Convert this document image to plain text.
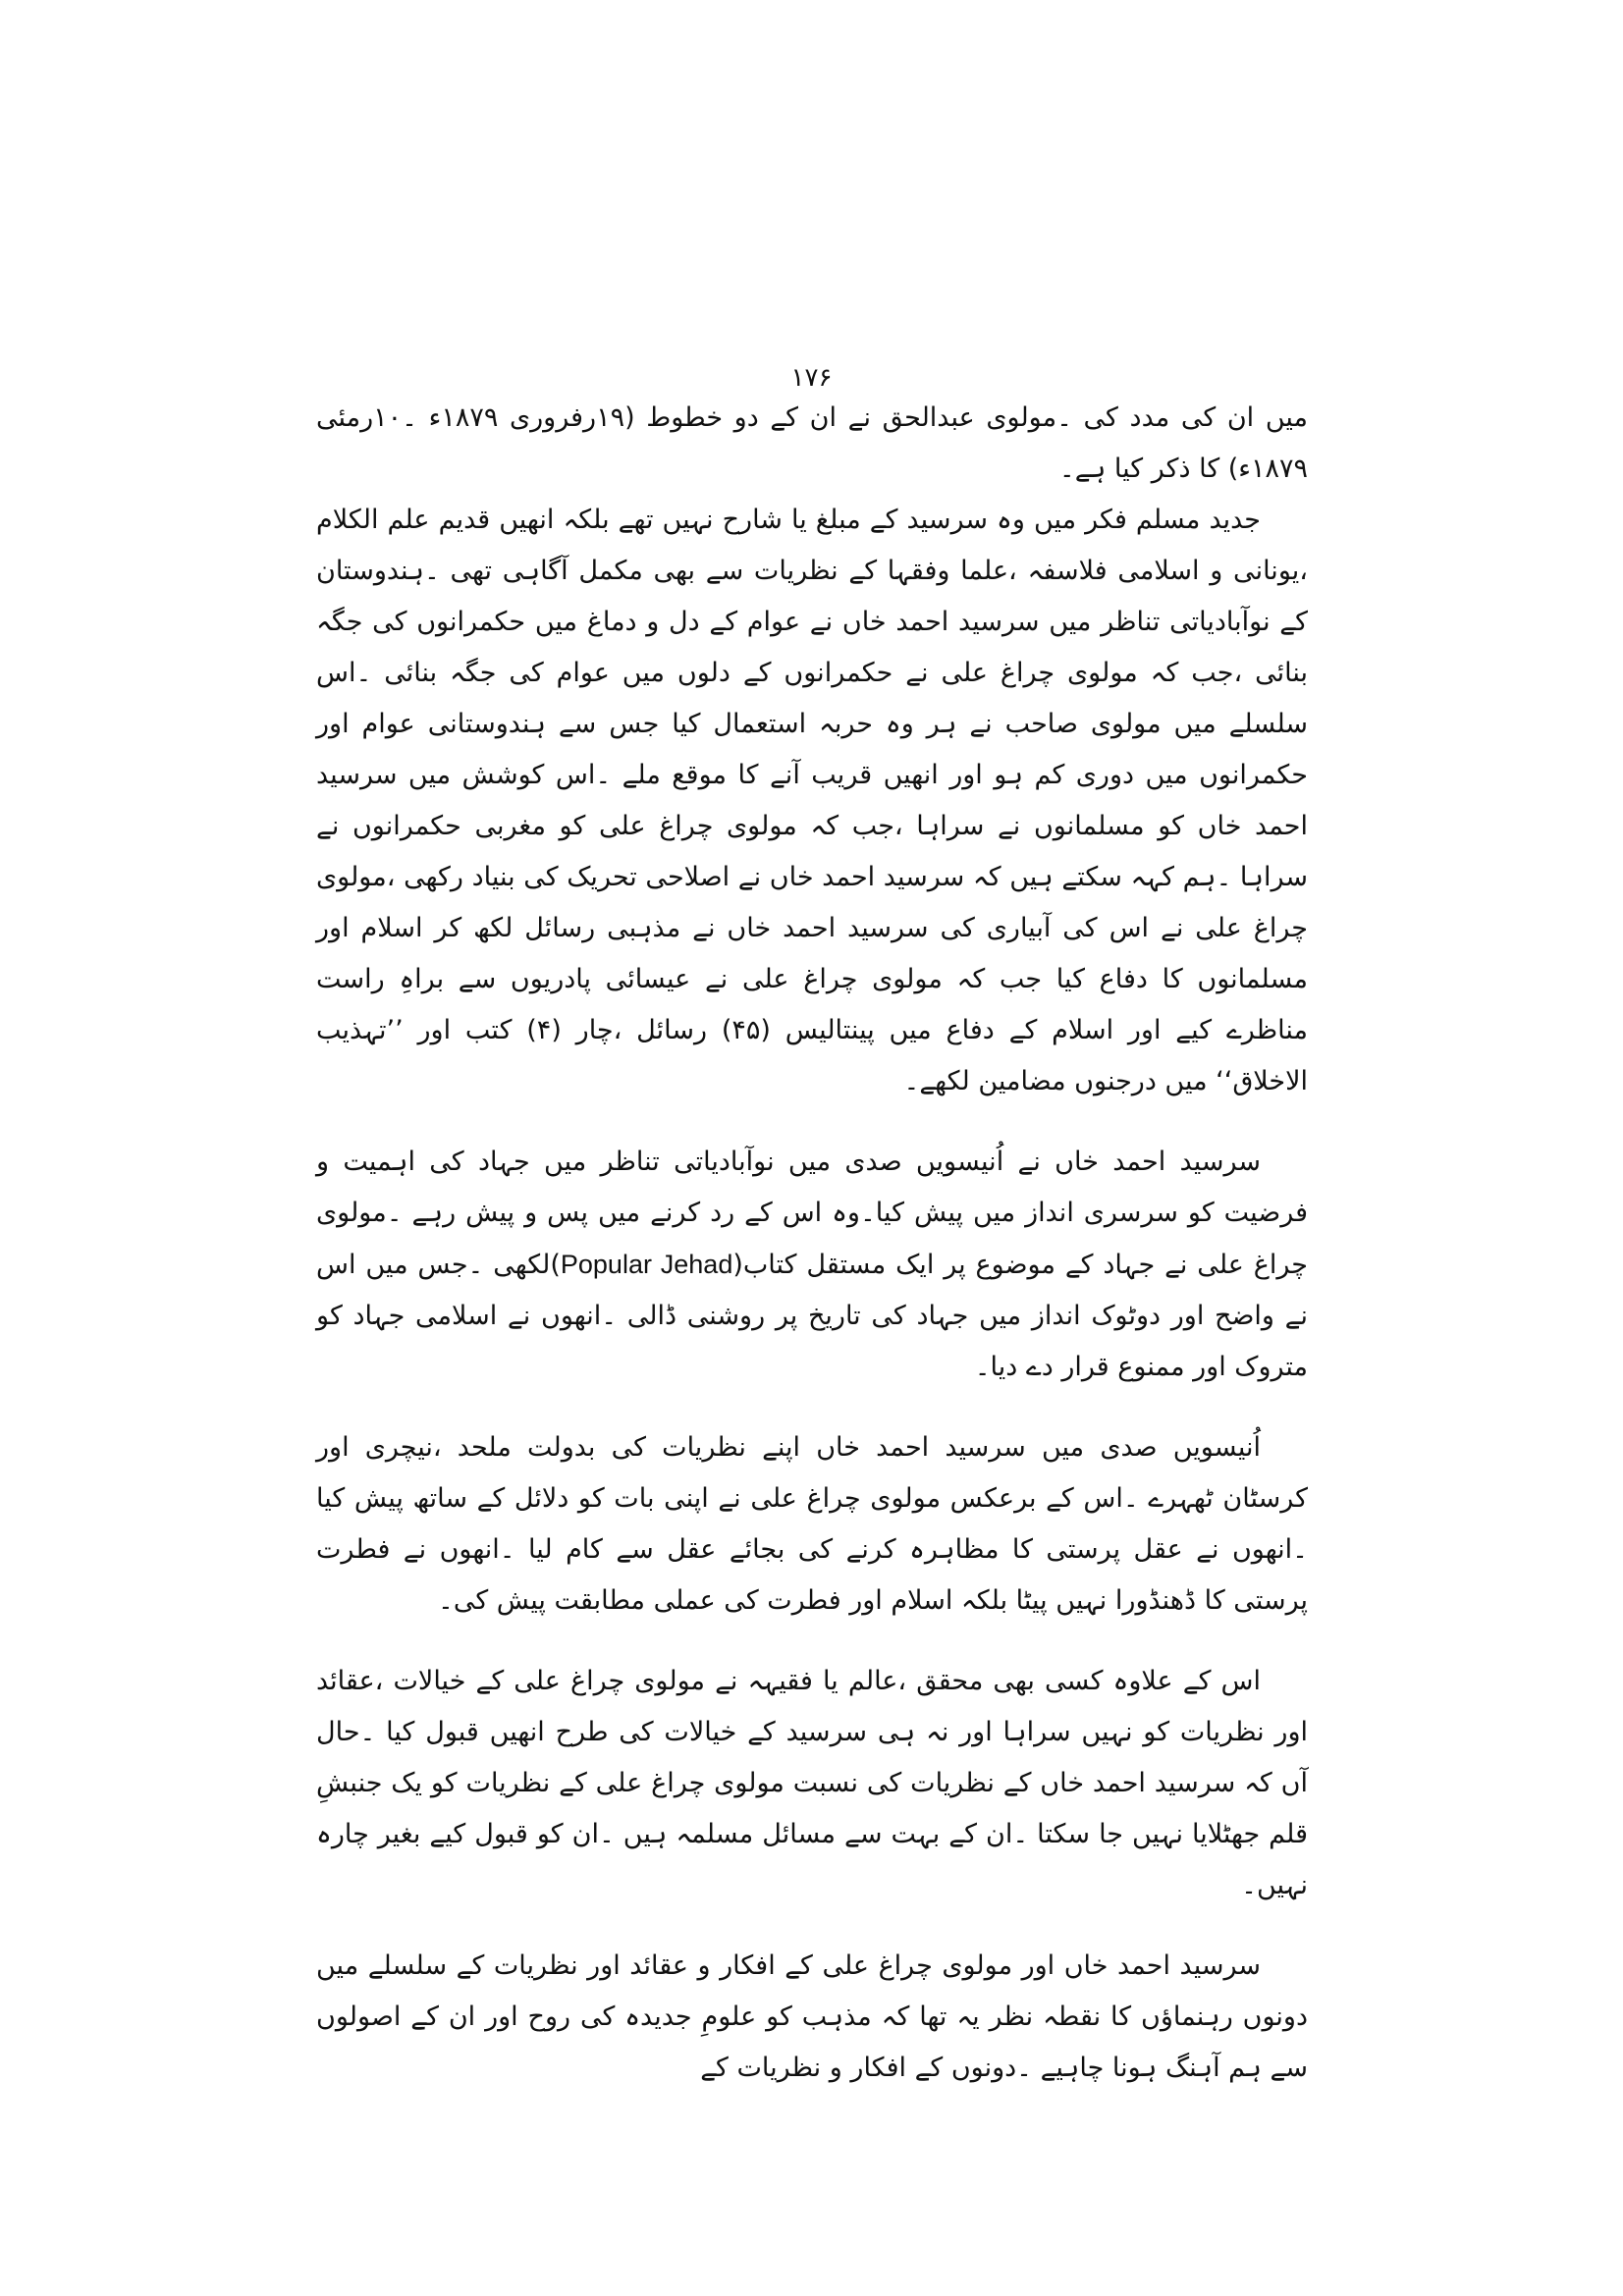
۱۷۶

میں ان کی مدد کی ۔مولوی عبدالحق نے ان کے دو خطوط (۱۹رفروری ۱۸۷۹ء ۔۱۰رمئی ۱۸۷۹ء) کا ذکر کیا ہے۔

جدید مسلم فکر میں وہ سرسید کے مبلغ یا شارح نہیں تھے بلکہ انھیں قدیم علم الکلام ،یونانی و اسلامی فلاسفہ ،علما وفقہا کے نظریات سے بھی مکمل آگاہی تھی ۔ہندوستان کے نوآبادیاتی تناظر میں سرسید احمد خاں نے عوام کے دل و دماغ میں حکمرانوں کی جگہ بنائی ،جب کہ مولوی چراغ علی نے حکمرانوں کے دلوں میں عوام کی جگہ بنائی ۔اس سلسلے میں مولوی صاحب نے ہر وہ حربہ استعمال کیا جس سے ہندوستانی عوام اور حکمرانوں میں دوری کم ہو اور انھیں قریب آنے کا موقع ملے ۔اس کوشش میں سرسید احمد خاں کو مسلمانوں نے سراہا ،جب کہ مولوی چراغ علی کو مغربی حکمرانوں نے سراہا ۔ہم کہہ سکتے ہیں کہ سرسید احمد خاں نے اصلاحی تحریک کی بنیاد رکھی ،مولوی چراغ علی نے اس کی آبیاری کی سرسید احمد خاں نے مذہبی رسائل لکھ کر اسلام اور مسلمانوں کا دفاع کیا جب کہ مولوی چراغ علی نے عیسائی پادریوں سے براہِ راست مناظرے کیے اور اسلام کے دفاع میں پینتالیس (۴۵) رسائل ،چار (۴) کتب اور ’’تہذیب الاخلاق‘‘ میں درجنوں مضامین لکھے۔

سرسید احمد خاں نے اُنیسویں صدی میں نوآبادیاتی تناظر میں جہاد کی اہمیت و فرضیت کو سرسری انداز میں پیش کیا۔وہ اس کے رد کرنے میں پس و پیش رہے ۔مولوی چراغ علی نے جہاد کے موضوع پر ایک مستقل کتاب(Popular Jehad)لکھی ۔جس میں اس نے واضح اور دوٹوک انداز میں جہاد کی تاریخ پر روشنی ڈالی ۔انھوں نے اسلامی جہاد کو متروک اور ممنوع قرار دے دیا۔

اُنیسویں صدی میں سرسید احمد خاں اپنے نظریات کی بدولت ملحد ،نیچری اور کرسٹان ٹھہرے ۔اس کے برعکس مولوی چراغ علی نے اپنی بات کو دلائل کے ساتھ پیش کیا ۔انھوں نے عقل پرستی کا مظاہرہ کرنے کی بجائے عقل سے کام لیا ۔انھوں نے فطرت پرستی کا ڈھنڈورا نہیں پیٹا بلکہ اسلام اور فطرت کی عملی مطابقت پیش کی۔

اس کے علاوہ کسی بھی محقق ،عالم یا فقیہہ نے مولوی چراغ علی کے خیالات ،عقائد اور نظریات کو نہیں سراہا اور نہ ہی سرسید کے خیالات کی طرح انھیں قبول کیا ۔حال آں کہ سرسید احمد خاں کے نظریات کی نسبت مولوی چراغ علی کے نظریات کو یک جنبشِ قلم جھٹلایا نہیں جا سکتا ۔ان کے بہت سے مسائل مسلمہ ہیں ۔ان کو قبول کیے بغیر چارہ نہیں۔

سرسید احمد خاں اور مولوی چراغ علی کے افکار و عقائد اور نظریات کے سلسلے میں دونوں رہنماؤں کا نقطہ نظر یہ تھا کہ مذہب کو علومِ جدیدہ کی روح اور ان کے اصولوں سے ہم آہنگ ہونا چاہیے ۔دونوں کے افکار و نظریات کے
